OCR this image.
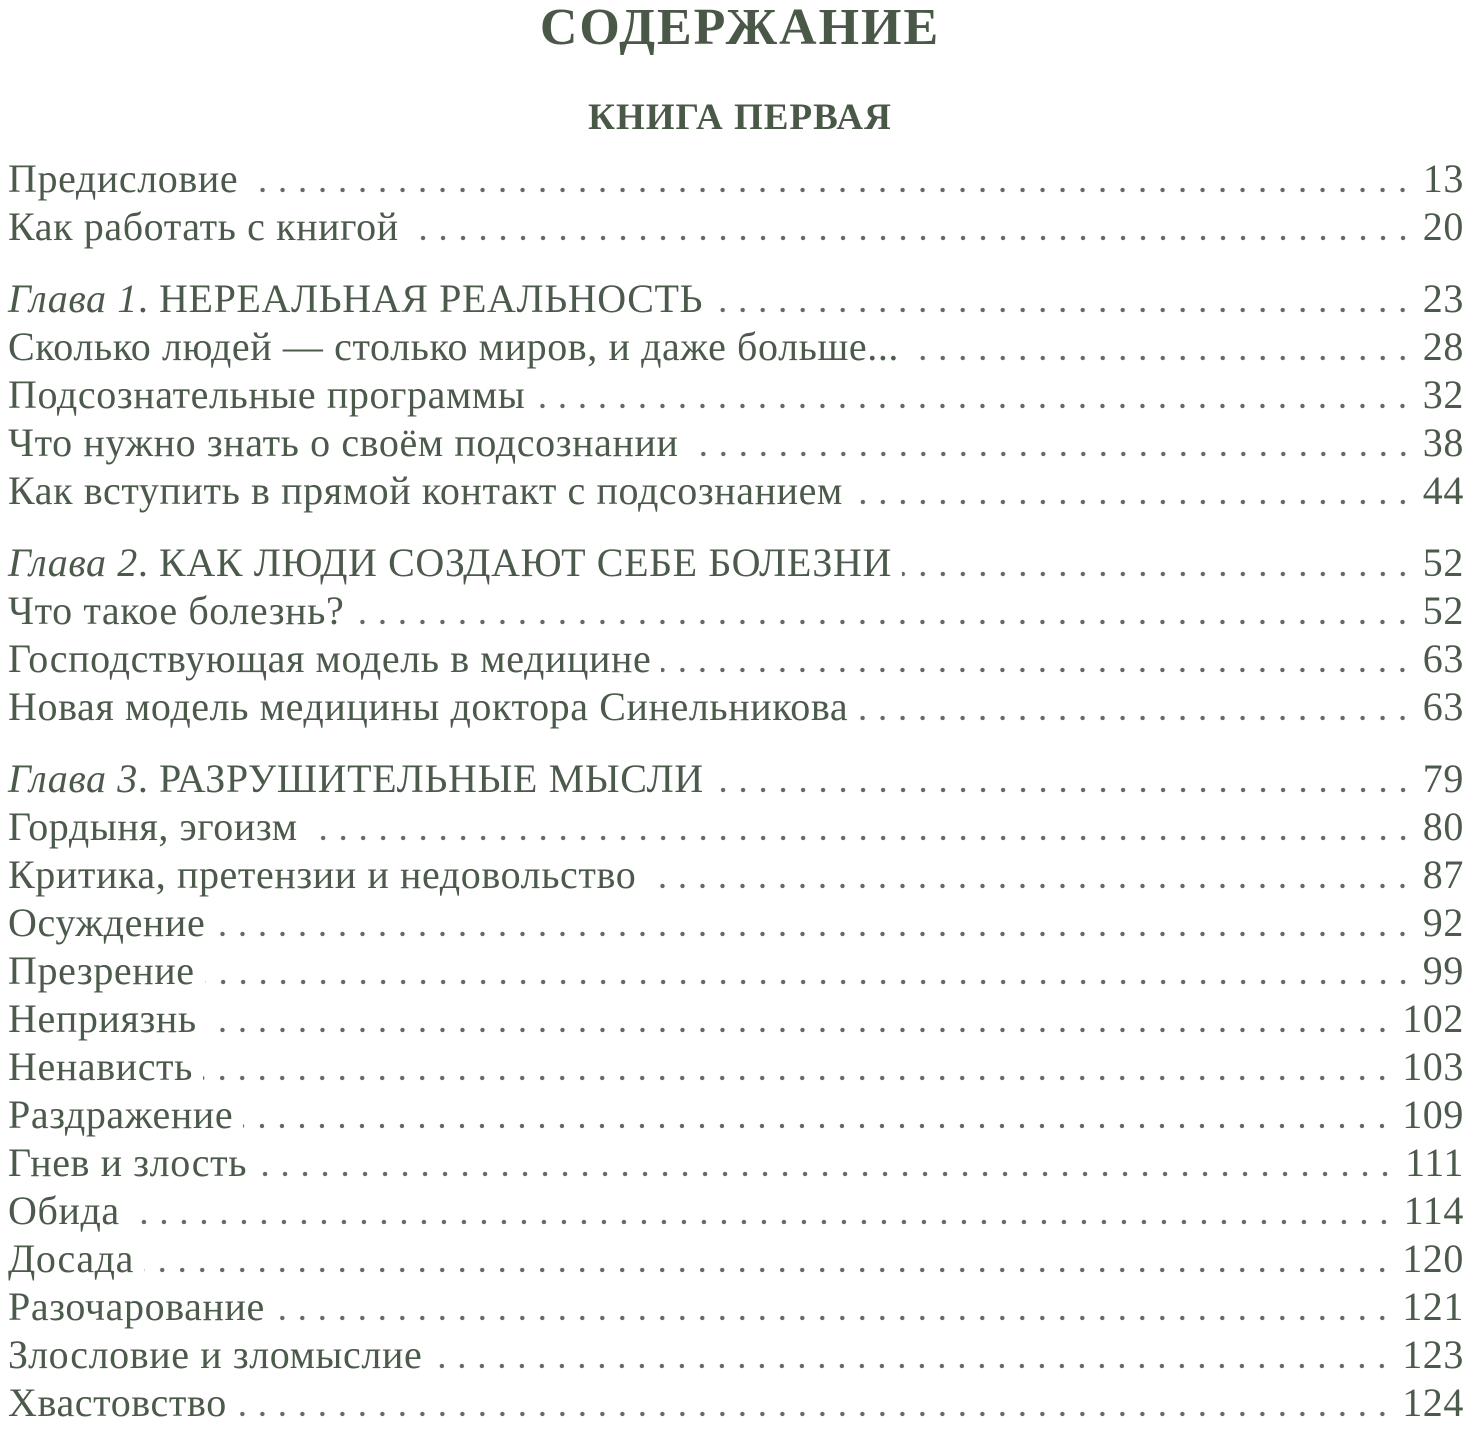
СОДЕРЖАНИЕ
КНИГА ПЕРВАЯ
Предисловие	13
Как работать с книгой	20
Глава 1. НЕРЕАЛЬНАЯ РЕАЛЬНОСТЬ	23
Сколько людей — столько миров, и даже больше...	28
Подсознательные программы	32
Что нужно знать о своём подсознании	38
Как вступить в прямой контакт с подсознанием	44
Глава 2. КАК ЛЮДИ СОЗДАЮТ СЕБЕ БОЛЕЗНИ	52
Что такое болезнь?	52
Господствующая модель в медицине	63
Новая модель медицины доктора Синельникова	63
Глава 3. РАЗРУШИТЕЛЬНЫЕ МЫСЛИ	79
Гордыня, эгоизм	80
Критика, претензии и недовольство	87
Осуждение	92
Презрение	99
Неприязнь	102
Ненависть	103
Раздражение	109
Гнев и злость	111
Обида	114
Досада	120
Разочарование	121
Злословие и зломыслие	123
Хвастовство	124
